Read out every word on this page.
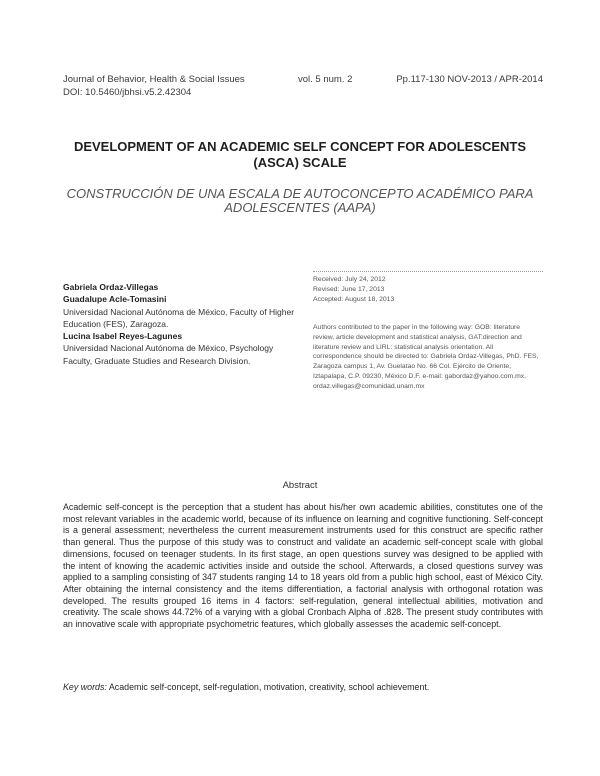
Journal of Behavior, Health & Social Issues	vol. 5 num. 2	Pp.117-130 NOV-2013 / APR-2014
DOI: 10.5460/jbhsi.v5.2.42304
DEVELOPMENT OF AN ACADEMIC SELF CONCEPT FOR ADOLESCENTS (ASCA) SCALE
CONSTRUCCIÓN DE UNA ESCALA DE AUTOCONCEPTO ACADÉMICO PARA ADOLESCENTES (AAPA)
Gabriela Ordaz-Villegas
Guadalupe Acle-Tomasini
Universidad Nacional Autónoma de México, Faculty of Higher Education (FES), Zaragoza.
Lucina Isabel Reyes-Lagunes
Universidad Nacional Autónoma de México, Psychology Faculty, Graduate Studies and Research Division.
Received: July 24, 2012
Revised: June 17, 2013
Accepted: August 18, 2013
Authors contributed to the paper in the following way: GOB: literature review, article development and statistical analysis, GAT:direction and literature review and LIRL: statistical analysis orientation. All correspondence should be directed to: Gabriela Ordaz-Villegas, PhD. FES, Zaragoza campus 1, Av. Guelatao No. 66 Col. Ejército de Oriente, Iztapalapa, C.P. 09230, México D.F. e-mail: gabordaz@yahoo.com.mx, ordaz.villegas@comunidad.unam.mx
Abstract
Academic self-concept is the perception that a student has about his/her own academic abilities, constitutes one of the most relevant variables in the academic world, because of its influence on learning and cognitive functioning. Self-concept is a general assessment; nevertheless the current measurement instruments used for this construct are specific rather than general. Thus the purpose of this study was to construct and validate an academic self-concept scale with global dimensions, focused on teenager students. In its first stage, an open questions survey was designed to be applied with the intent of knowing the academic activities inside and outside the school. Afterwards, a closed questions survey was applied to a sampling consisting of 347 students ranging 14 to 18 years old from a public high school, east of México City. After obtaining the internal consistency and the items differentiation, a factorial analysis with orthogonal rotation was developed. The results grouped 16 items in 4 factors: self-regulation, general intellectual abilities, motivation and creativity. The scale shows 44.72% of a varying with a global Cronbach Alpha of .828. The present study contributes with an innovative scale with appropriate psychometric features, which globally assesses the academic self-concept.
Key words: Academic self-concept, self-regulation, motivation, creativity, school achievement.
